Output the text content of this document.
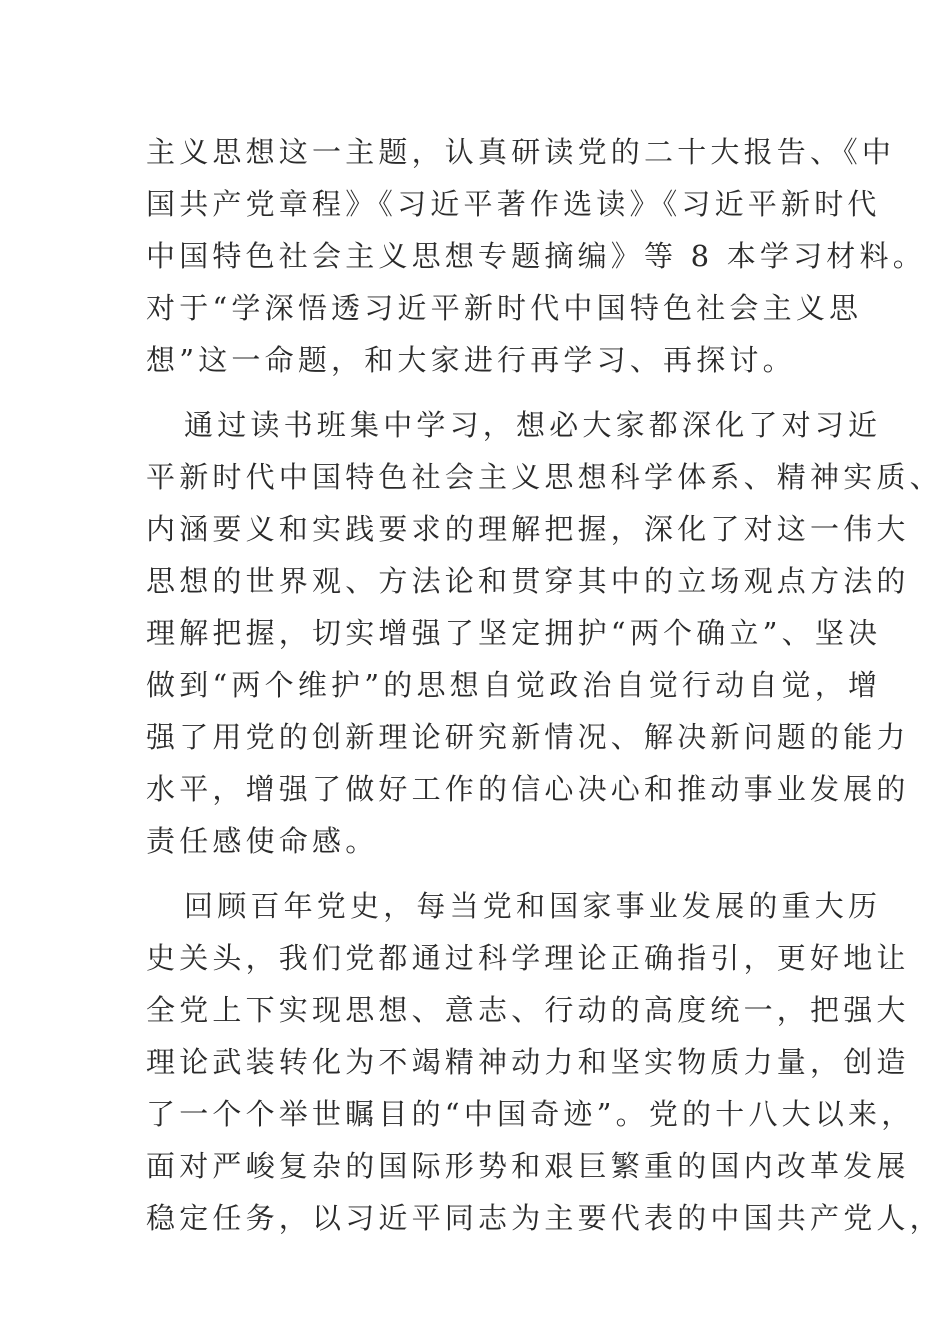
主义思想这一主题，认真研读党的二十大报告、《中
国共产党章程》《习近平著作选读》《习近平新时代
中国特色社会主义思想专题摘编》等 8 本学习材料。
对于“学深悟透习近平新时代中国特色社会主义思
想”这一命题，和大家进行再学习、再探讨。
通过读书班集中学习，想必大家都深化了对习近
平新时代中国特色社会主义思想科学体系、精神实质、
内涵要义和实践要求的理解把握，深化了对这一伟大
思想的世界观、方法论和贯穿其中的立场观点方法的
理解把握，切实增强了坚定拥护“两个确立”、坚决
做到“两个维护”的思想自觉政治自觉行动自觉，增
强了用党的创新理论研究新情况、解决新问题的能力
水平，增强了做好工作的信心决心和推动事业发展的
责任感使命感。
回顾百年党史，每当党和国家事业发展的重大历
史关头，我们党都通过科学理论正确指引，更好地让
全党上下实现思想、意志、行动的高度统一，把强大
理论武装转化为不竭精神动力和坚实物质力量，创造
了一个个举世瞩目的“中国奇迹”。党的十八大以来，
面对严峻复杂的国际形势和艰巨繁重的国内改革发展
稳定任务，以习近平同志为主要代表的中国共产党人，
